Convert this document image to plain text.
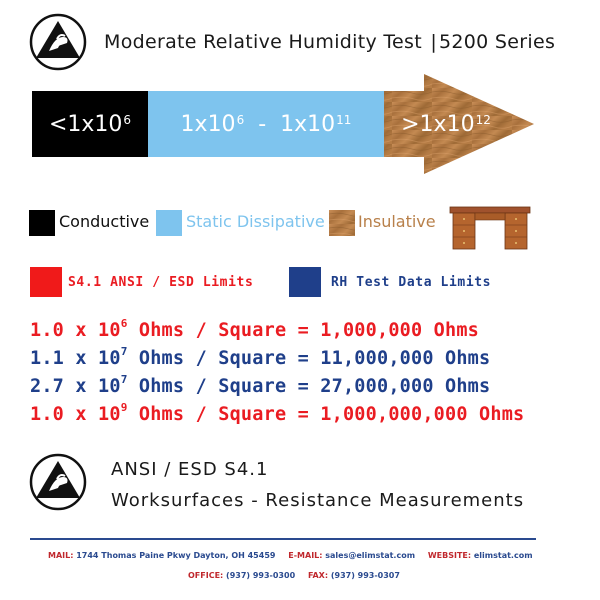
Moderate Relative Humidity Test | 5200 Series
$<1x10^6$ $1x10^6 - 1x10^{11} >1x10^{12}$
Conductive Static Dissipative Insulative
S4.1 ANSI / ESD Limits	RH Test Data Limits
1.0 x $10^6$ Ohms / Square = 1,000,000 Ohms
1.1 x $10^7$ Ohms / Square = 11,000,000 Ohms
2.7 x $10^7$ Ohms / Square = 27,000,000 Ohms
1.0 x $10^9$ Ohms / Square = 1,000,000,000 Ohms
ANSI / ESD S4.1
Worksurfaces - Resistance Measurements
MAIL: 1744 Thomas Paine Pkwy Dayton, OH 45459 E-MAIL: sales@elimstat.com WEBSITE: elimstat.com
OFFICE: (937) 993-0300 FAX: (937) 993-0307
